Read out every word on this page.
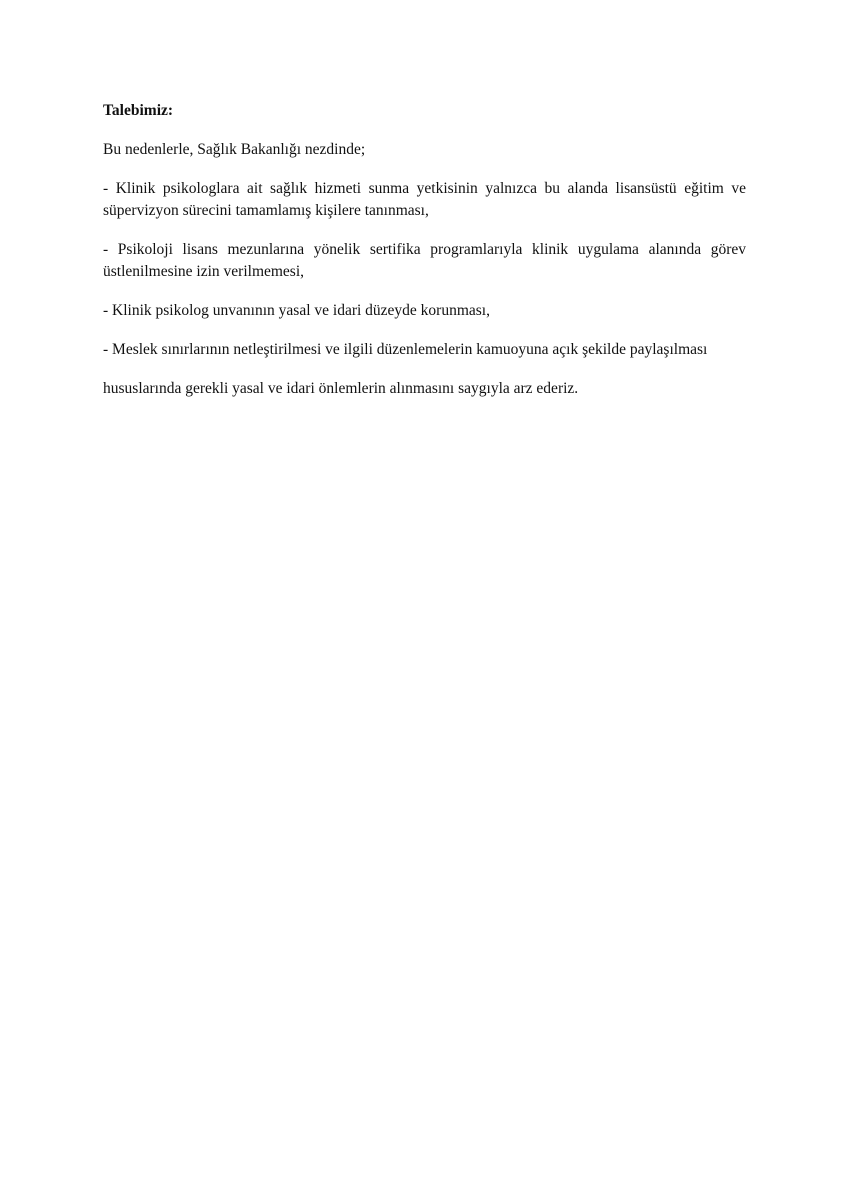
Talebimiz:

Bu nedenlerle, Sağlık Bakanlığı nezdinde;

- Klinik psikologlara ait sağlık hizmeti sunma yetkisinin yalnızca bu alanda lisansüstü eğitim ve süpervizyon sürecini tamamlamış kişilere tanınması,

- Psikoloji lisans mezunlarına yönelik sertifika programlarıyla klinik uygulama alanında görev üstlenilmesine izin verilmemesi,

- Klinik psikolog unvanının yasal ve idari düzeyde korunması,

- Meslek sınırlarının netleştirilmesi ve ilgili düzenlemelerin kamuoyuna açık şekilde paylaşılması

hususlarında gerekli yasal ve idari önlemlerin alınmasını saygıyla arz ederiz.
